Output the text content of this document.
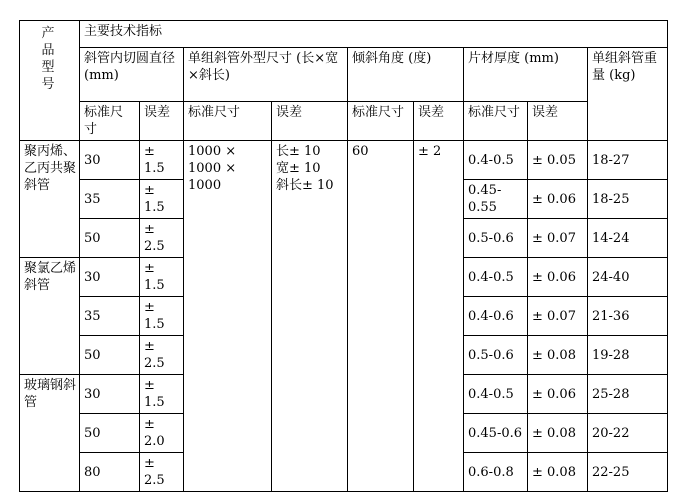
产品型号	主要技术指标								
	斜管内切圆直径 (mm)		单组斜管外型尺寸 (长×宽×斜长)		倾斜角度 (度)		片材厚度 (mm)		单组斜管重量 (kg)
	标准尺寸	误差	标准尺寸	误差	标准尺寸	误差	标准尺寸	误差	

聚丙烯、乙丙共聚斜管	30	± 1.5	1000 × 1000 × 1000	长± 10
宽± 10
斜长± 10	60	± 2	0.4-0.5	± 0.05	18-27
	35	± 1.5					0.45-0.55	± 0.06	18-25
	50	± 2.5					0.5-0.6	± 0.07	14-24

聚氯乙烯斜管	30	± 1.5					0.4-0.5	± 0.06	24-40
	35	± 1.5					0.4-0.6	± 0.07	21-36
	50	± 2.5					0.5-0.6	± 0.08	19-28

玻璃钢斜管	30	± 1.5					0.4-0.5	± 0.06	25-28
	50	± 2.0					0.45-0.6	± 0.08	20-22
	80	± 2.5					0.6-0.8	± 0.08	22-25
